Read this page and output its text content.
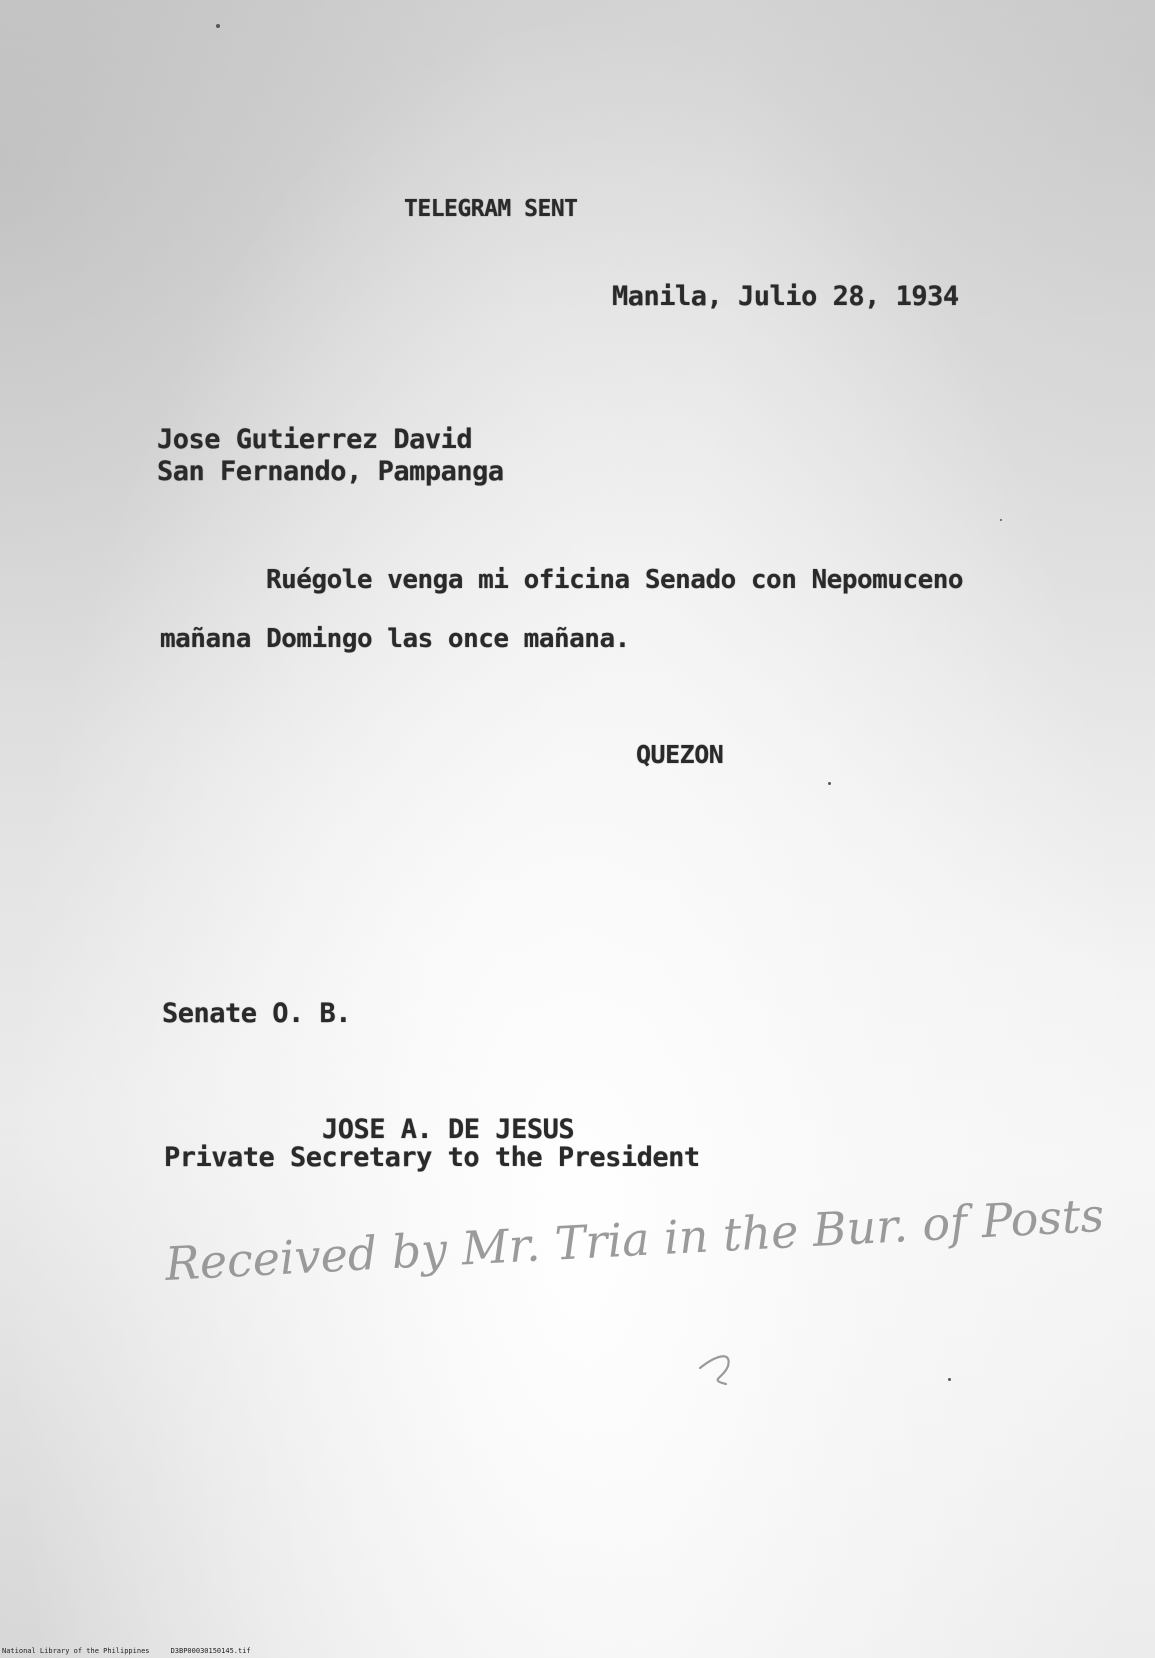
TELEGRAM SENT
Manila, Julio 28, 1934
Jose Gutierrez David
San Fernando, Pampanga
Ruégole venga mi oficina Senado con Nepomuceno
mañana Domingo las once mañana.
QUEZON
Senate O. B.
JOSE A. DE JESUS
Private Secretary to the President
Received by Mr. Tria in the Bur. of Posts
National Library of the Philippines     D3BP00030150145.tif
